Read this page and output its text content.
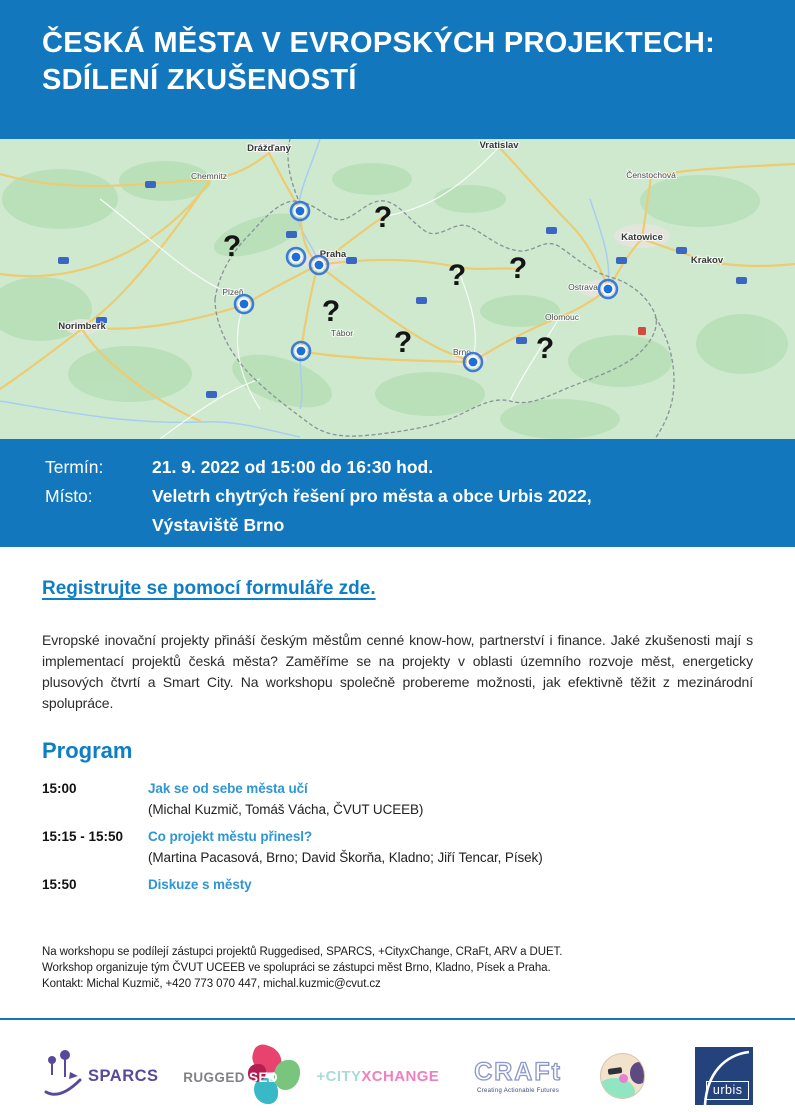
ČESKÁ MĚSTA V EVROPSKÝCH PROJEKTECH:
SDÍLENÍ ZKUŠENOSTÍ
Drážďany
Chemnitz
Norimberk
Vratislav
Čenstochová
Katowice
Krakov
Praha
Ostrava
Brno
Plzeň
Tábor
Olomouc
?
?
? ?
?
?	?
Termín:	21. 9. 2022 od 15:00 do 16:30 hod.
Místo:	Veletrh chytrých řešení pro města a obce Urbis 2022,
Výstaviště Brno
Registrujte se pomocí formuláře zde.

Evropské inovační projekty přináší českým městům cenné know-how, partnerství i finance. Jaké zkušenosti mají s implementací projektů česká města? Zaměříme se na projekty v oblasti územního rozvoje měst, energeticky plusových čtvrtí a Smart City. Na workshopu společně probereme možnosti, jak efektivně těžit z mezinárodní spolupráce.

Program
15:00	Jak se od sebe města učí
(Michal Kuzmič, Tomáš Vácha, ČVUT UCEEB)
15:15 - 15:50	Co projekt městu přinesl?
(Martina Pacasová, Brno; David Škorňa, Kladno; Jiří Tencar, Písek)
15:50	Diskuze s městy
Na workshopu se podílejí zástupci projektů Ruggedised, SPARCS, +CityxChange, CRaFt, ARV a DUET.
Workshop organizuje tým ČVUT UCEEB ve spolupráci se zástupci měst Brno, Kladno, Písek a Praha.
Kontakt: Michal Kuzmič, +420 773 070 447, michal.kuzmic@cvut.cz
SPARCS RUGGEDISED	+CITYXCHANGE	CRAFt
Creating Actionable Futures	urbis
